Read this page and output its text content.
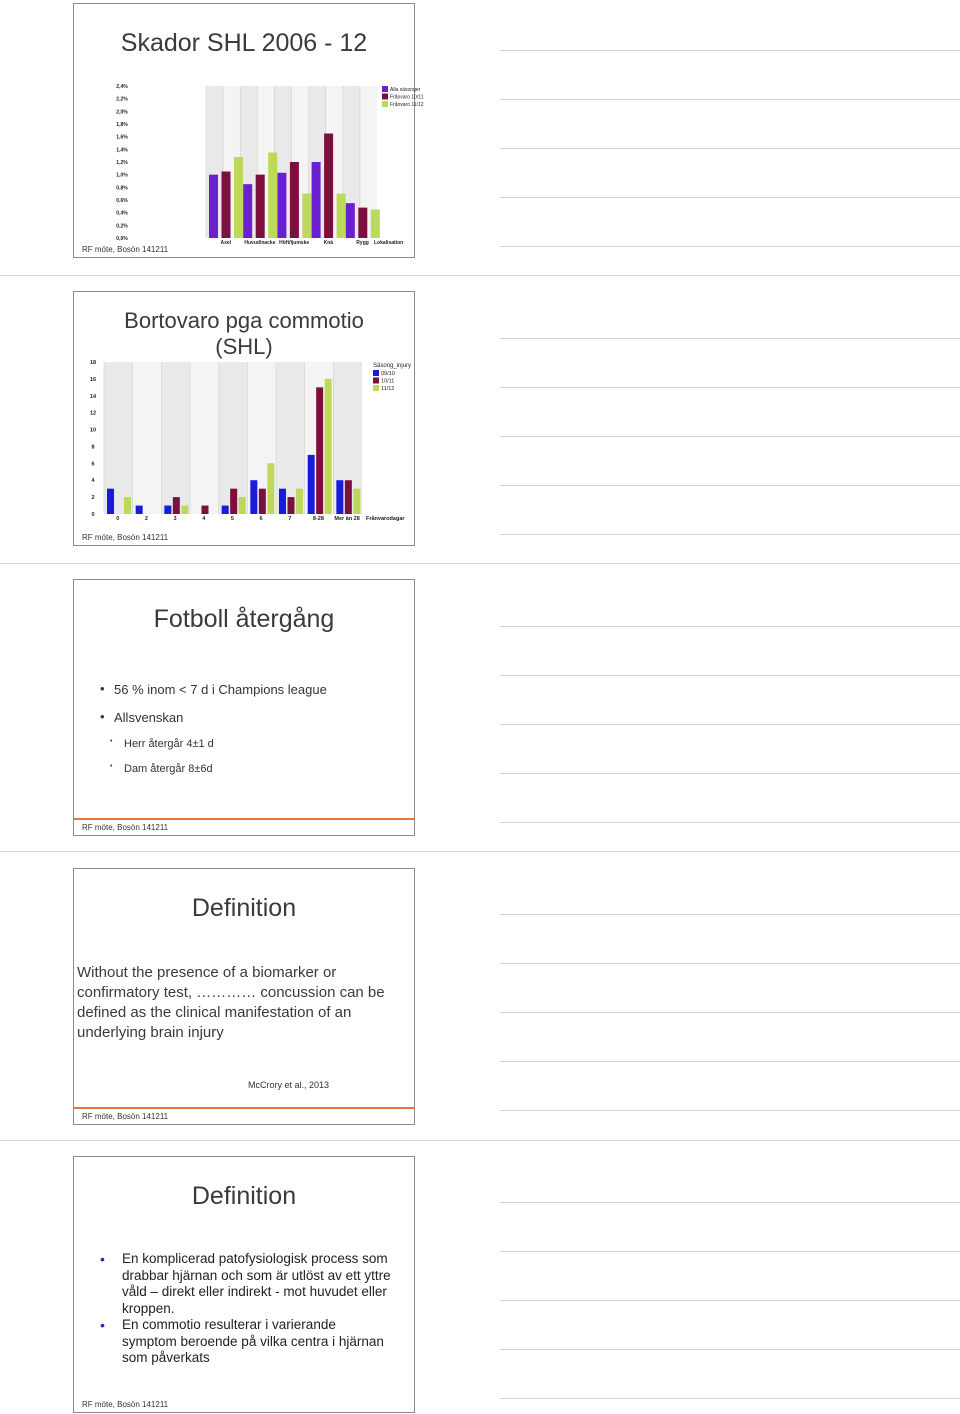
Skador SHL 2006 - 12
0,0%
0,2%
0,4%
0,6%
0,8%
1,0%
1,2%
1,4%
1,6%
1,8%
2,0%
2,2%
2,4%
Axel	Huvud/nacke Höft/ljumske	Knä	Rygg Lokalisation
Alla säsonger
Frånvaro 10/11
Frånvaro 11/12
RF möte, Bosön 141211
Bortovaro pga commotio
(SHL)
0
2
4
6
8
10
12
14
16
18
0	2	3	4	5	6	7	8-28 Mer än 28 Frånvarodagar
Säsong_injury
09/10
10/11
11/12
RF möte, Bosön 141211
Fotboll återgång
• 56 % inom < 7 d i Champions league
• Allsvenskan
• Herr återgår 4±1 d
• Dam återgår 8±6d
RF möte, Bosön 141211
Definition
Without the presence of a biomarker or confirmatory test, ………… concussion can be defined as the clinical manifestation of an underlying brain injury
McCrory et al., 2013
RF möte, Bosön 141211
Definition
• En komplicerad patofysiologisk process som drabbar hjärnan och som är utlöst av ett yttre våld – direkt eller indirekt - mot huvudet eller kroppen.
• En commotio resulterar i varierande symptom beroende på vilka centra i hjärnan som påverkats
RF möte, Bosön 141211
